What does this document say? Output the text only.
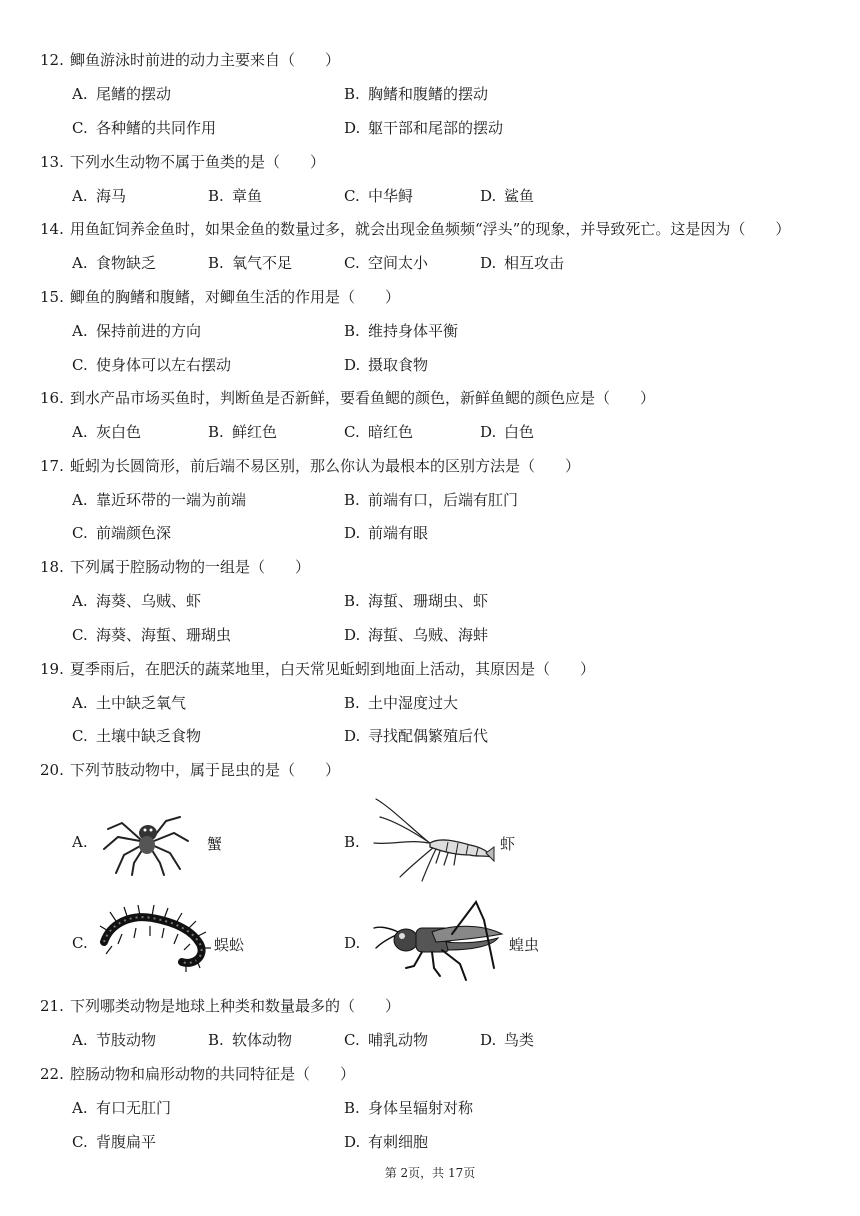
12. 鲫鱼游泳时前进的动力主要来自（　　）
A. 尾鳍的摆动	B. 胸鳍和腹鳍的摆动
C. 各种鳍的共同作用	D. 躯干部和尾部的摆动
13. 下列水生动物不属于鱼类的是（　　）
A. 海马	B. 章鱼	C. 中华鲟	D. 鲨鱼
14. 用鱼缸饲养金鱼时，如果金鱼的数量过多，就会出现金鱼频频“浮头”的现象，并导致死亡。这是因为（　　）
A. 食物缺乏	B. 氧气不足	C. 空间太小	D. 相互攻击
15. 鲫鱼的胸鳍和腹鳍，对鲫鱼生活的作用是（　　）
A. 保持前进的方向	B. 维持身体平衡
C. 使身体可以左右摆动	D. 摄取食物
16. 到水产品市场买鱼时，判断鱼是否新鲜，要看鱼鳃的颜色，新鲜鱼鳃的颜色应是（　　）
A. 灰白色	B. 鲜红色	C. 暗红色	D. 白色
17. 蚯蚓为长圆筒形，前后端不易区别，那么你认为最根本的区别方法是（　　）
A. 靠近环带的一端为前端	B. 前端有口，后端有肛门
C. 前端颜色深	D. 前端有眼
18. 下列属于腔肠动物的一组是（　　）
A. 海葵、乌贼、虾	B. 海蜇、珊瑚虫、虾
C. 海葵、海蜇、珊瑚虫	D. 海蜇、乌贼、海蚌
19. 夏季雨后，在肥沃的蔬菜地里，白天常见蚯蚓到地面上活动，其原因是（　　）
A. 土中缺乏氧气	B. 土中湿度过大
C. 土壤中缺乏食物	D. 寻找配偶繁殖后代
20. 下列节肢动物中，属于昆虫的是（　　）
A.	蟹	B.	虾
C.	蜈蚣	D.	蝗虫
21. 下列哪类动物是地球上种类和数量最多的（　　）
A. 节肢动物	B. 软体动物	C. 哺乳动物	D. 鸟类
22. 腔肠动物和扁形动物的共同特征是（　　）
A. 有口无肛门	B. 身体呈辐射对称
C. 背腹扁平	D. 有刺细胞
第 2页，共 17页
